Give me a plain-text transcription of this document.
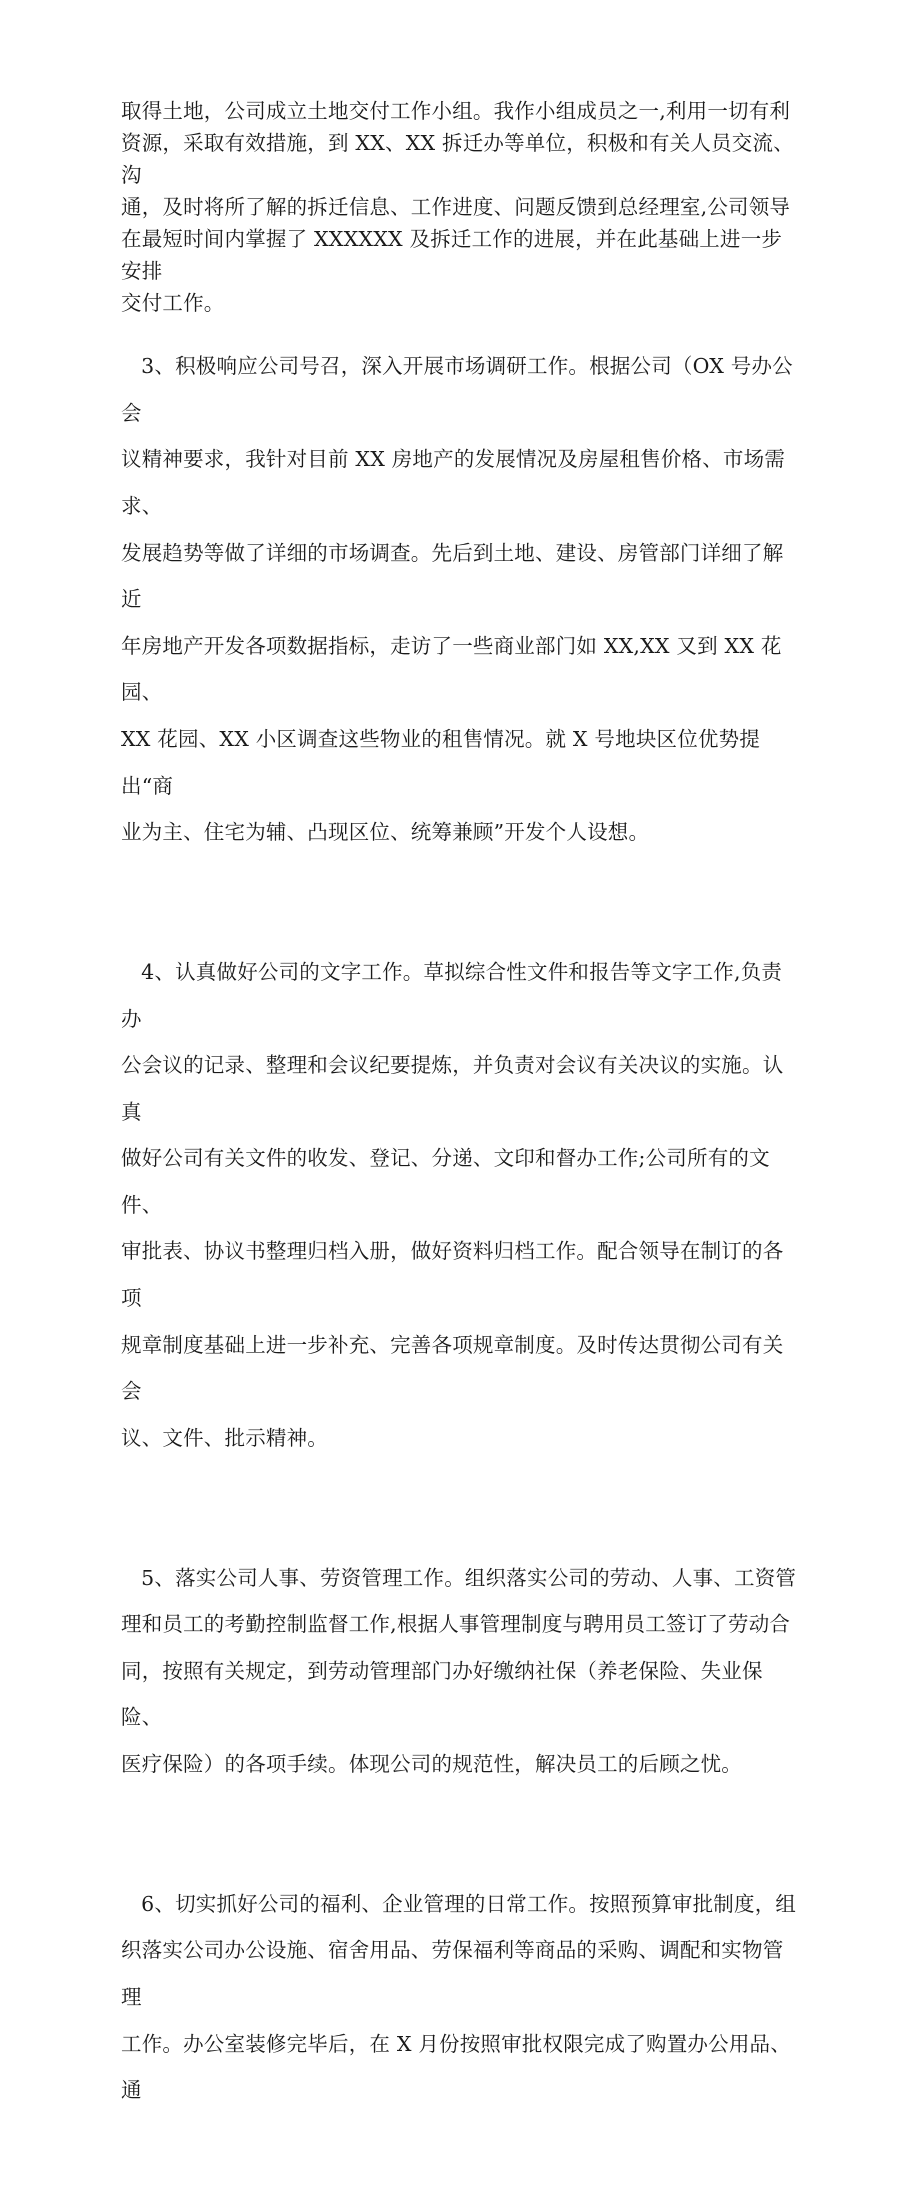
取得土地，公司成立土地交付工作小组。我作小组成员之一,利用一切有利
资源，采取有效措施，到 XX、XX 拆迁办等单位，积极和有关人员交流、沟
通，及时将所了解的拆迁信息、工作进度、问题反馈到总经理室,公司领导
在最短时间内掌握了 XXXXXX 及拆迁工作的进展，并在此基础上进一步安排
交付工作。

3、积极响应公司号召，深入开展市场调研工作。根据公司（OX 号办公会
议精神要求，我针对目前 XX 房地产的发展情况及房屋租售价格、市场需求、
发展趋势等做了详细的市场调查。先后到土地、建设、房管部门详细了解近
年房地产开发各项数据指标，走访了一些商业部门如 XX,XX 又到 XX 花园、
XX 花园、XX 小区调查这些物业的租售情况。就 X 号地块区位优势提出“商
业为主、住宅为辅、凸现区位、统筹兼顾”开发个人设想。

4、认真做好公司的文字工作。草拟综合性文件和报告等文字工作,负责办
公会议的记录、整理和会议纪要提炼，并负责对会议有关决议的实施。认真
做好公司有关文件的收发、登记、分递、文印和督办工作;公司所有的文件、
审批表、协议书整理归档入册，做好资料归档工作。配合领导在制订的各项
规章制度基础上进一步补充、完善各项规章制度。及时传达贯彻公司有关会
议、文件、批示精神。

5、落实公司人事、劳资管理工作。组织落实公司的劳动、人事、工资管
理和员工的考勤控制监督工作,根据人事管理制度与聘用员工签订了劳动合
同，按照有关规定，到劳动管理部门办好缴纳社保（养老保险、失业保险、
医疗保险）的各项手续。体现公司的规范性，解决员工的后顾之忧。

6、切实抓好公司的福利、企业管理的日常工作。按照预算审批制度，组
织落实公司办公设施、宿舍用品、劳保福利等商品的采购、调配和实物管理
工作。办公室装修完毕后，在 X 月份按照审批权限完成了购置办公用品、通
